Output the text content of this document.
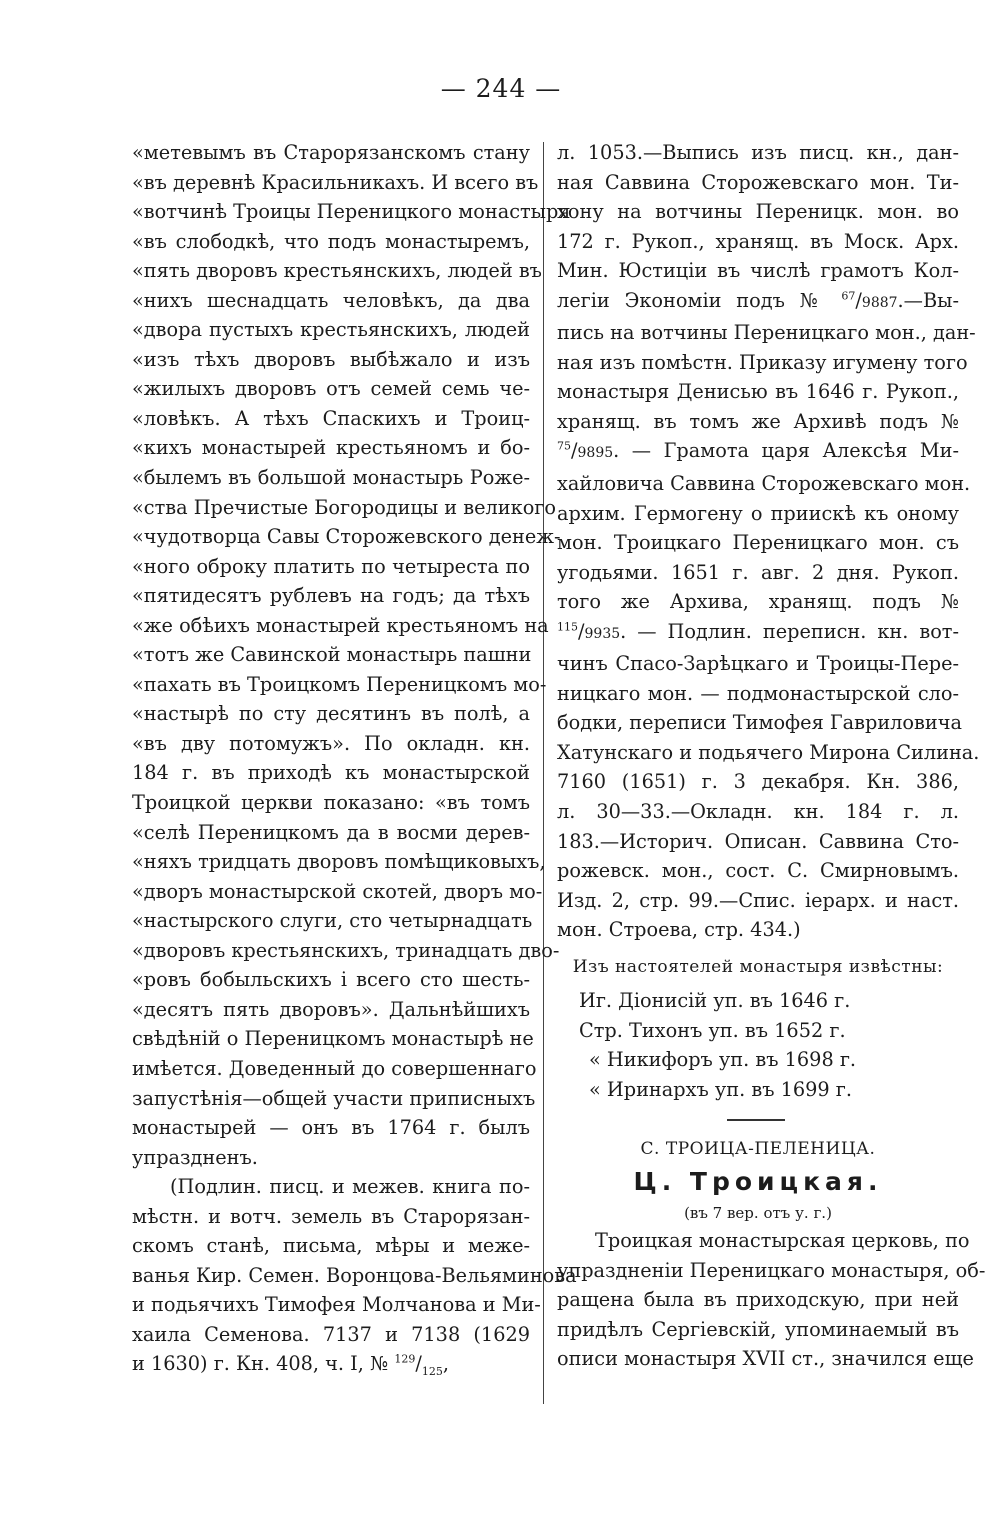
— 244 —
«метевымъ въ Старорязанскомъ стану
«въ деревнѣ Красильникахъ. И всего въ
«вотчинѣ Троицы Переницкого монастыря
«въ слободкѣ, что подъ монастыремъ,
«пять дворовъ крестьянскихъ, людей въ
«нихъ шеснадцать человѣкъ, да два
«двора пустыхъ крестьянскихъ, людей
«изъ тѣхъ дворовъ выбѣжало и изъ
«жилыхъ дворовъ отъ семей семь че-
«ловѣкъ. А тѣхъ Спаскихъ и Троиц-
«кихъ монастырей крестьяномъ и бо-
«былемъ въ большой монастырь Роже-
«ства Пречистые Богородицы и великого
«чудотворца Савы Сторожевского денеж-
«ного оброку платить по четыреста по
«пятидесятъ рублевъ на годъ; да тѣхъ
«же обѣихъ монастырей крестьяномъ на
«тотъ же Савинской монастырь пашни
«пахать въ Троицкомъ Переницкомъ мо-
«настырѣ по сту десятинъ въ полѣ, а
«въ дву потомужъ». По окладн. кн.
184 г. въ приходѣ къ монастырской
Троицкой церкви показано: «въ томъ
«селѣ Переницкомъ да в восми дерев-
«няхъ тридцать дворовъ помѣщиковыхъ,
«дворъ монастырской скотей, дворъ мо-
«настырского слуги, сто четырнадцать
«дворовъ крестьянскихъ, тринадцать дво-
«ровъ бобыльскихъ і всего сто шесть-
«десятъ пять дворовъ». Дальнѣйшихъ
свѣдѣній о Переницкомъ монастырѣ не
имѣется. Доведенный до совершеннаго
запустѣнія—общей участи приписныхъ
монастырей — онъ въ 1764 г. былъ
упраздненъ.
(Подлин. писц. и межев. книга по-
мѣстн. и вотч. земель въ Старорязан-
скомъ станѣ, письма, мѣры и меже-
ванья Кир. Семен. Воронцова-Вельяминова
и подьячихъ Тимофея Молчанова и Ми-
хаила Семенова. 7137 и 7138 (1629
и 1630) г. Кн. 408, ч. I, № $^{129}/_{125}$,
л. 1053.—Выпись изъ писц. кн., дан-
ная Саввина Сторожевскаго мон. Ти-
хону на вотчины Переницк. мон. во
172 г. Рукоп., хранящ. въ Моск. Арх.
Мин. Юстиціи въ числѣ грамотъ Кол-
легіи Экономіи подъ № $^{67}$/9887.—Вы-
пись на вотчины Переницкаго мон., дан-
ная изъ помѣстн. Приказу игумену того
монастыря Денисью въ 1646 г. Рукоп.,
хранящ. въ томъ же Архивѣ подъ №
$^{75}$/9895. — Грамота царя Алексѣя Ми-
хайловича Саввина Сторожевскаго мон.
архим. Гермогену о приискѣ къ оному
мон. Троицкаго Переницкаго мон. съ
угодьями. 1651 г. авг. 2 дня. Рукоп.
того же Архива, хранящ. подъ №
$^{115}$/9935. — Подлин. переписн. кн. вот-
чинъ Спасо-Зарѣцкаго и Троицы-Пере-
ницкаго мон. — подмонастырской сло-
бодки, переписи Тимофея Гавриловича
Хатунскаго и подьячего Мирона Силина.
7160 (1651) г. 3 декабря. Кн. 386,
л. 30—33.—Окладн. кн. 184 г. л.
183.—Историч. Описан. Саввина Сто-
рожевск. мон., сост. С. Смирновымъ.
Изд. 2, стр. 99.—Спис. іерарх. и наст.
мон. Строева, стр. 434.)
Изъ настоятелей монастыря извѣстны:
Иг. Діонисій уп. въ 1646 г.
Стр. Тихонъ уп. въ 1652 г.
« Никифоръ уп. въ 1698 г.
« Иринархъ уп. въ 1699 г.
С. ТРОИЦА-ПЕЛЕНИЦА.
Ц. Троицкая.
(въ 7 вер. отъ у. г.)
Троицкая монастырская церковь, по
упраздненіи Переницкаго монастыря, об-
ращена была въ приходскую, при ней
придѣлъ Сергіевскій, упоминаемый въ
описи монастыря XVII ст., значился еще
